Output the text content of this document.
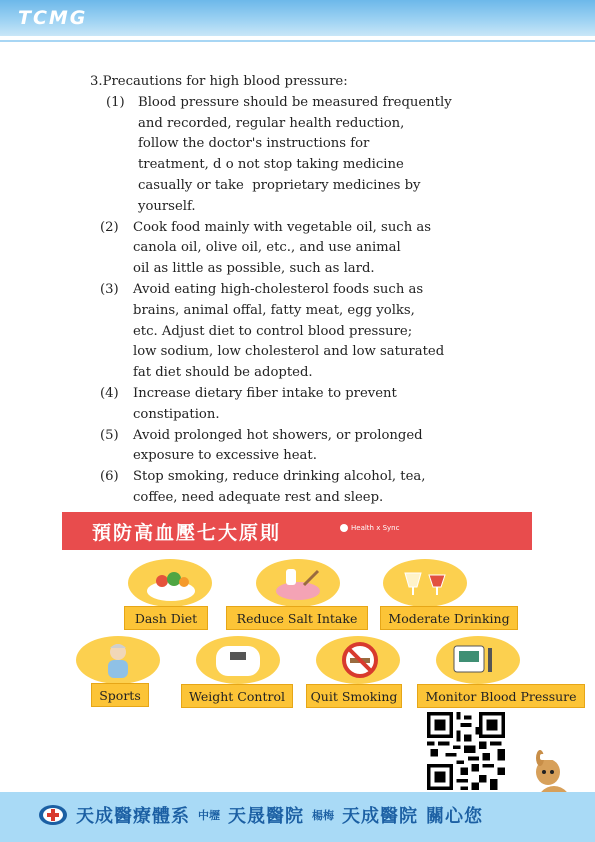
TCMG

3.Precautions for high blood pressure:

(1) Blood pressure should be measured frequently

and recorded, regular health reduction,

follow the doctor's instructions for

treatment, d o not stop taking medicine

casually or take  proprietary medicines by

yourself.

(2) Cook food mainly with vegetable oil, such as

canola oil, olive oil, etc., and use animal

oil as little as possible, such as lard.

(3) Avoid eating high-cholesterol foods such as

brains, animal offal, fatty meat, egg yolks,

etc. Adjust diet to control blood pressure;

low sodium, low cholesterol and low saturated

fat diet should be adopted.

(4) Increase dietary fiber intake to prevent

constipation.

(5) Avoid prolonged hot showers, or prolonged

exposure to excessive heat.

(6) Stop smoking, reduce drinking alcohol, tea,

coffee, need adequate rest and sleep.

預防高血壓七大原則	Health x Sync
Dash Diet	Reduce Salt Intake	Moderate Drinking
Sports	Weight Control	Quit Smoking	Monitor Blood Pressure
天成醫療體系 中壢 天晟醫院 楊梅 天成醫院 關心您
